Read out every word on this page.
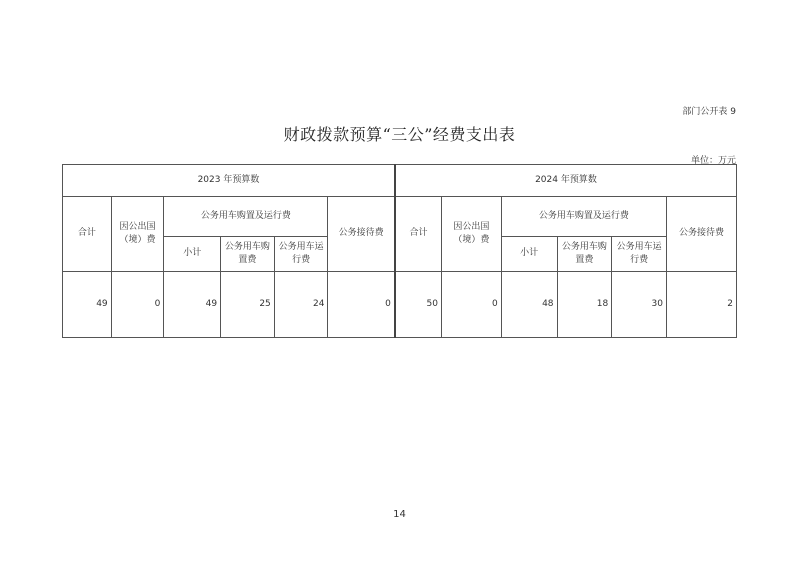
部门公开表 9
财政拨款预算“三公”经费支出表
单位：万元
2023 年预算数						2024 年预算数					
合计	因公出国（境）费	公务用车购置及运行费			公务接待费	合计	因公出国（境）费	公务用车购置及运行费			公务接待费
		小计	公务用车购置费	公务用车运行费				小计	公务用车购置费	公务用车运行费	
49	0	49	25	24	0	50	0	48	18	30	2
14
